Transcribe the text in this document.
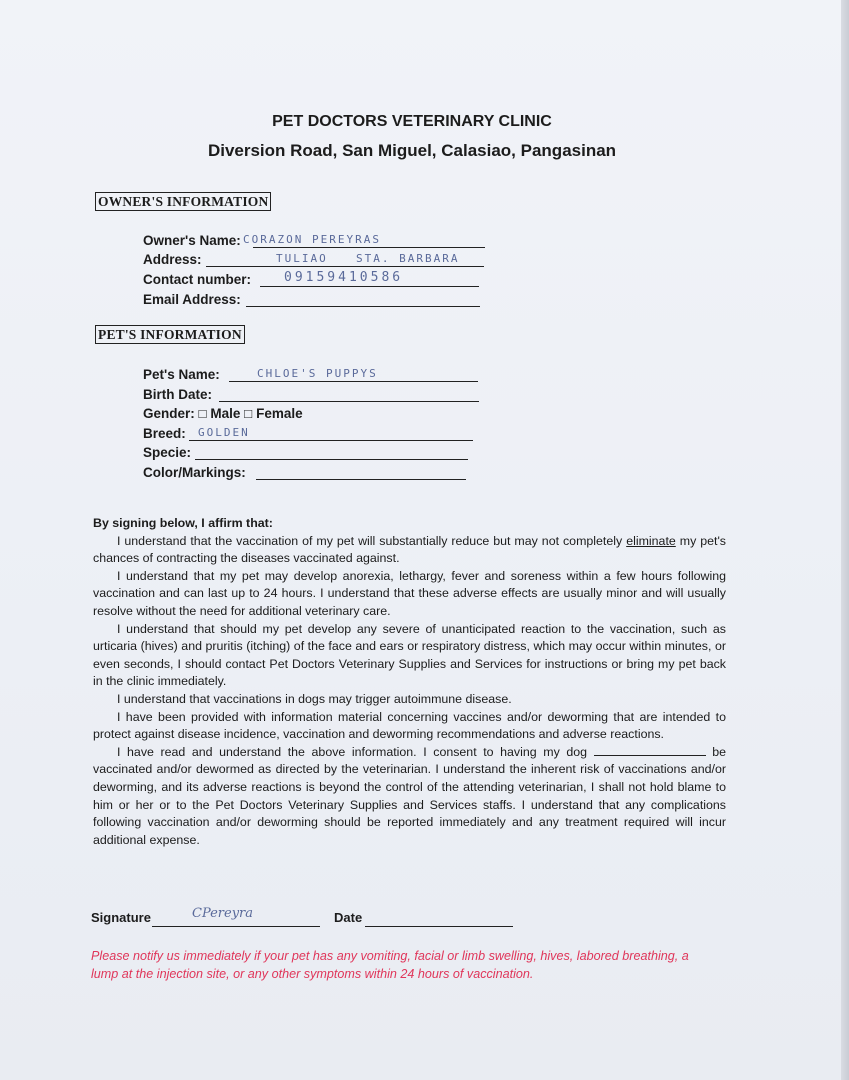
PET DOCTORS VETERINARY CLINIC
Diversion Road, San Miguel, Calasiao, Pangasinan
OWNER'S INFORMATION
Owner's Name: CORAZON PEREYRAS
Address:	TULIAO	STA. BARBARA
Contact number:	09159410586
Email Address:
PET'S INFORMATION
Pet's Name:	CHLOE'S PUPPYS
Birth Date:
Gender: □ Male □ Female
Breed: GOLDEN
Specie:
Color/Markings:
By signing below, I affirm that:

I understand that the vaccination of my pet will substantially reduce but may not completely eliminate my pet's chances of contracting the diseases vaccinated against.

I understand that my pet may develop anorexia, lethargy, fever and soreness within a few hours following vaccination and can last up to 24 hours. I understand that these adverse effects are usually minor and will usually resolve without the need for additional veterinary care.

I understand that should my pet develop any severe of unanticipated reaction to the vaccination, such as urticaria (hives) and pruritis (itching) of the face and ears or respiratory distress, which may occur within minutes, or even seconds, I should contact Pet Doctors Veterinary Supplies and Services for instructions or bring my pet back in the clinic immediately.

I understand that vaccinations in dogs may trigger autoimmune disease.

I have been provided with information material concerning vaccines and/or deworming that are intended to protect against disease incidence, vaccination and deworming recommendations and adverse reactions.

I have read and understand the above information. I consent to having my dog	be vaccinated and/or dewormed as directed by the veterinarian. I understand the inherent risk of vaccinations and/or deworming, and its adverse reactions is beyond the control of the attending veterinarian, I shall not hold blame to him or her or to the Pet Doctors Veterinary Supplies and Services staffs. I understand that any complications following vaccination and/or deworming should be reported immediately and any treatment required will incur additional expense.

Signature	CPereyra	Date
Please notify us immediately if your pet has any vomiting, facial or limb swelling, hives, labored breathing, a lump at the injection site, or any other symptoms within 24 hours of vaccination.
